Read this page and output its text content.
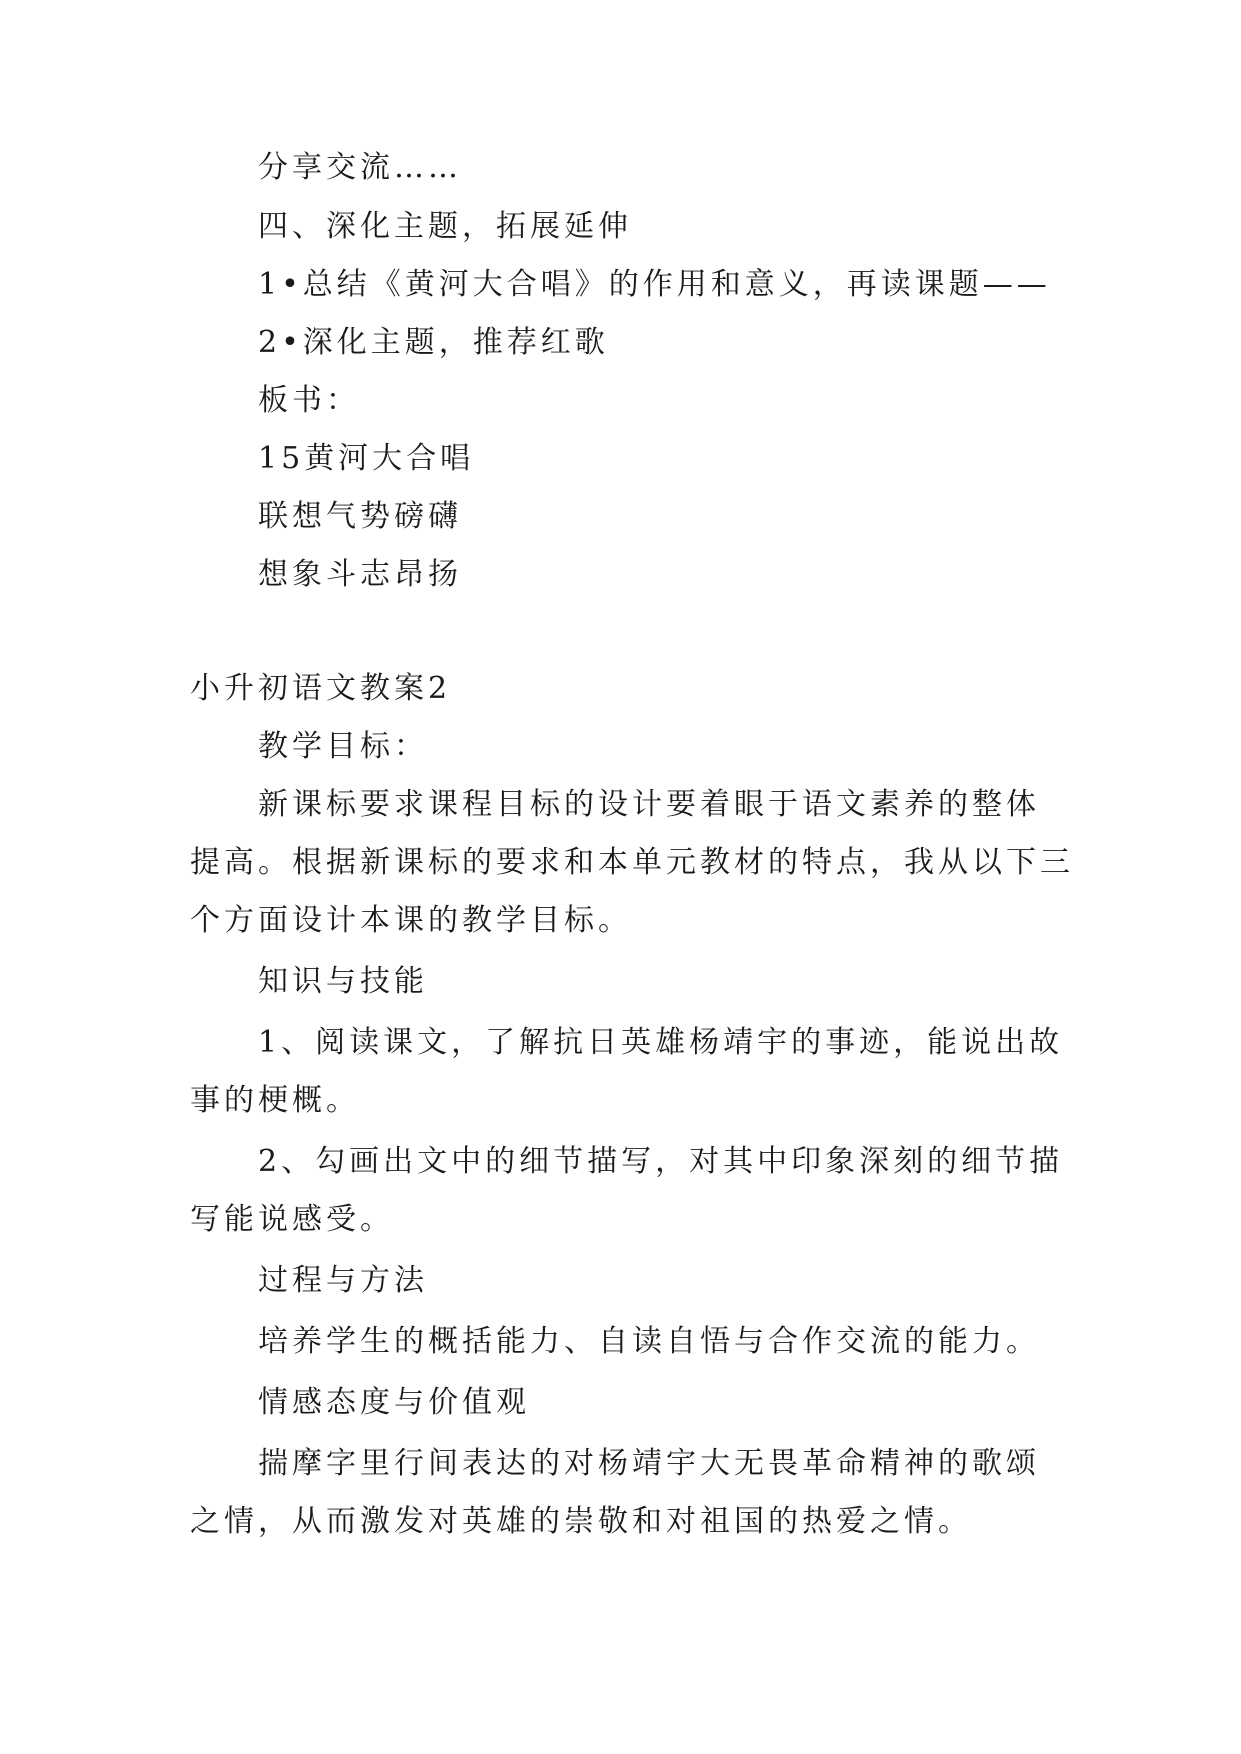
分享交流……
四、深化主题，拓展延伸
1•总结《黄河大合唱》的作用和意义，再读课题——
2•深化主题，推荐红歌
板书：
15黄河大合唱
联想气势磅礴
想象斗志昂扬
小升初语文教案2
教学目标：
新课标要求课程目标的设计要着眼于语文素养的整体
提高。根据新课标的要求和本单元教材的特点，我从以下三
个方面设计本课的教学目标。
知识与技能
1、阅读课文，了解抗日英雄杨靖宇的事迹，能说出故
事的梗概。
2、勾画出文中的细节描写，对其中印象深刻的细节描
写能说感受。
过程与方法
培养学生的概括能力、自读自悟与合作交流的能力。
情感态度与价值观
揣摩字里行间表达的对杨靖宇大无畏革命精神的歌颂
之情，从而激发对英雄的崇敬和对祖国的热爱之情。
